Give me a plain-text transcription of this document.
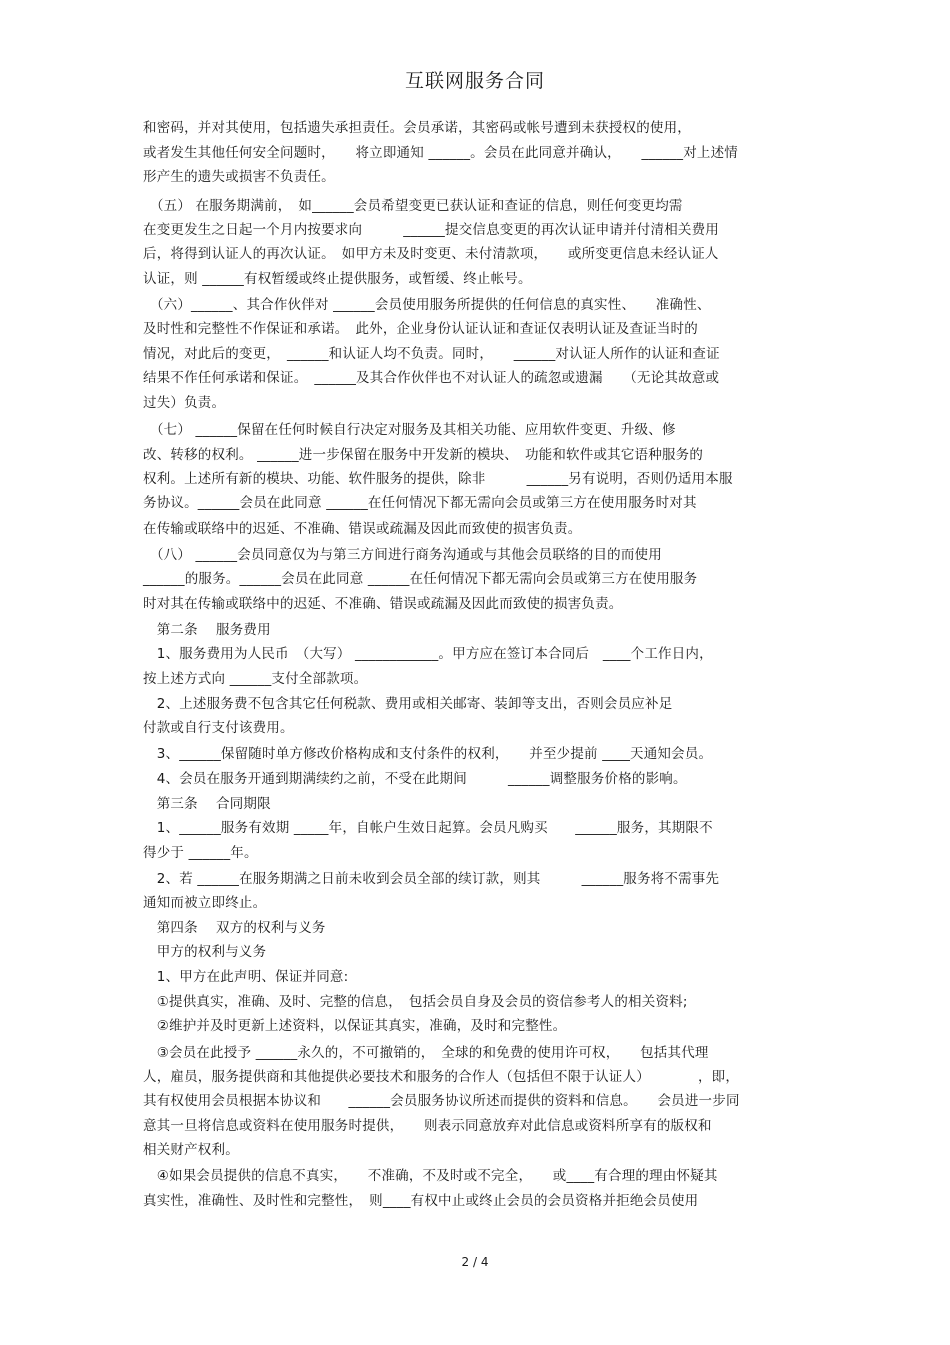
互联网服务合同
和密码，并对其使用，包括遗失承担责任。会员承诺，其密码或帐号遭到未获授权的使用，
或者发生其他任何安全问题时，　　将立即通知 ______。会员在此同意并确认，　　______对上述情
形产生的遗失或损害不负责任。
　（五） 在服务期满前，　如______会员希望变更已获认证和查证的信息，则任何变更均需
在变更发生之日起一个月内按要求向　　　______提交信息变更的再次认证申请并付清相关费用
后，将得到认证人的再次认证。　如甲方未及时变更、未付清款项，　　或所变更信息未经认证人
认证，则 ______有权暂缓或终止提供服务，或暂缓、终止帐号。
　（六）______、其合作伙伴对 ______会员使用服务所提供的任何信息的真实性、　　准确性、
及时性和完整性不作保证和承诺。　此外，企业身份认证认证和查证仅表明认证及查证当时的
情况，对此后的变更，　______和认证人均不负责。同时，　　______对认证人所作的认证和查证
结果不作任何承诺和保证。　______及其合作伙伴也不对认证人的疏忽或遗漏　　（无论其故意或
过失）负责。
　（七） ______保留在任何时候自行决定对服务及其相关功能、应用软件变更、升级、修
改、转移的权利。 ______进一步保留在服务中开发新的模块、　功能和软件或其它语种服务的
权利。上述所有新的模块、功能、软件服务的提供，除非　　　______另有说明，否则仍适用本服
务协议。______会员在此同意 ______在任何情况下都无需向会员或第三方在使用服务时对其
在传输或联络中的迟延、不准确、错误或疏漏及因此而致使的损害负责。
　（八） ______会员同意仅为与第三方间进行商务沟通或与其他会员联络的目的而使用
______的服务。______会员在此同意 ______在任何情况下都无需向会员或第三方在使用服务
时对其在传输或联络中的迟延、不准确、错误或疏漏及因此而致使的损害负责。
　第二条　 服务费用
　1、服务费用为人民币　（大写） ____________。甲方应在签订本合同后　____个工作日内，
按上述方式向 ______支付全部款项。
　2、上述服务费不包含其它任何税款、费用或相关邮寄、装卸等支出，否则会员应补足
付款或自行支付该费用。
　3、______保留随时单方修改价格构成和支付条件的权利，　　并至少提前 ____天通知会员。
　4、会员在服务开通到期满续约之前，不受在此期间　　　______调整服务价格的影响。
　第三条　 合同期限
　1、______服务有效期 _____年，自帐户生效日起算。会员凡购买　　______服务，其期限不
得少于 ______年。
　2、若 ______在服务期满之日前未收到会员全部的续订款，则其　　　______服务将不需事先
通知而被立即终止。
　第四条　 双方的权利与义务
　甲方的权利与义务
　1、甲方在此声明、保证并同意:
　①提供真实，准确、及时、完整的信息，　包括会员自身及会员的资信参考人的相关资料;
　②维护并及时更新上述资料，以保证其真实，准确，及时和完整性。
　③会员在此授予 ______永久的，不可撤销的，　全球的和免费的使用许可权，　　包括其代理
人，雇员，服务提供商和其他提供必要技术和服务的合作人（包括但不限于认证人）　　　　，即，
其有权使用会员根据本协议和　　______会员服务协议所述而提供的资料和信息。　　会员进一步同
意其一旦将信息或资料在使用服务时提供，　　则表示同意放弃对此信息或资料所享有的版权和
相关财产权利。
　④如果会员提供的信息不真实，　　不准确，不及时或不完全，　　或____有合理的理由怀疑其
真实性，准确性、及时性和完整性，　则____有权中止或终止会员的会员资格并拒绝会员使用
2 / 4
